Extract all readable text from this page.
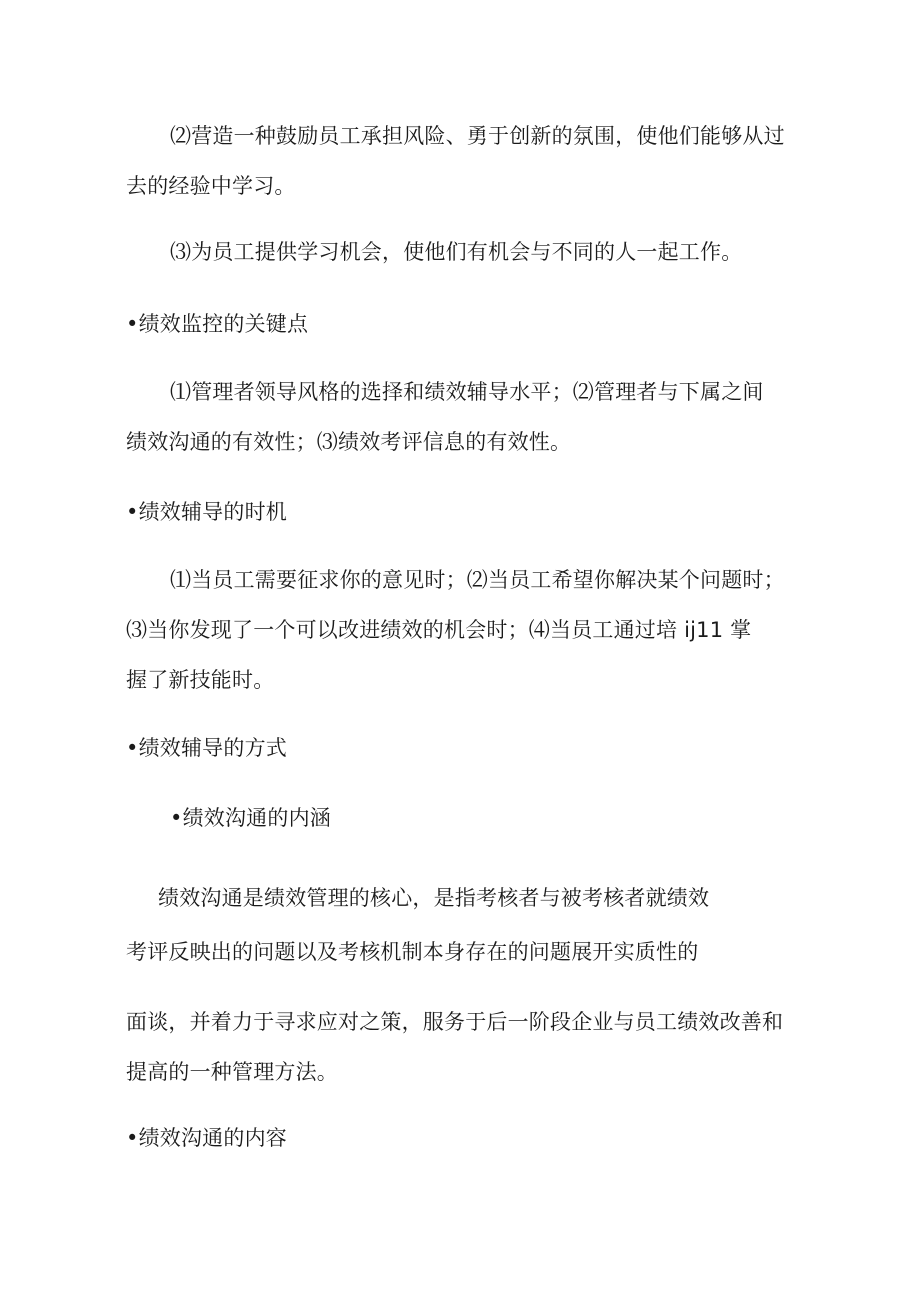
⑵营造一种鼓励员工承担风险、勇于创新的氛围，使他们能够从过
去的经验中学习。
⑶为员工提供学习机会，使他们有机会与不同的人一起工作。
•绩效监控的关键点
⑴管理者领导风格的选择和绩效辅导水平；⑵管理者与下属之间
绩效沟通的有效性；⑶绩效考评信息的有效性。
•绩效辅导的时机
⑴当员工需要征求你的意见时；⑵当员工希望你解决某个问题时；
⑶当你发现了一个可以改进绩效的机会时；⑷当员工通过培 ij11 掌
握了新技能时。
•绩效辅导的方式
•绩效沟通的内涵
绩效沟通是绩效管理的核心，是指考核者与被考核者就绩效
考评反映出的问题以及考核机制本身存在的问题展开实质性的
面谈，并着力于寻求应对之策，服务于后一阶段企业与员工绩效改善和
提高的一种管理方法。
•绩效沟通的内容
